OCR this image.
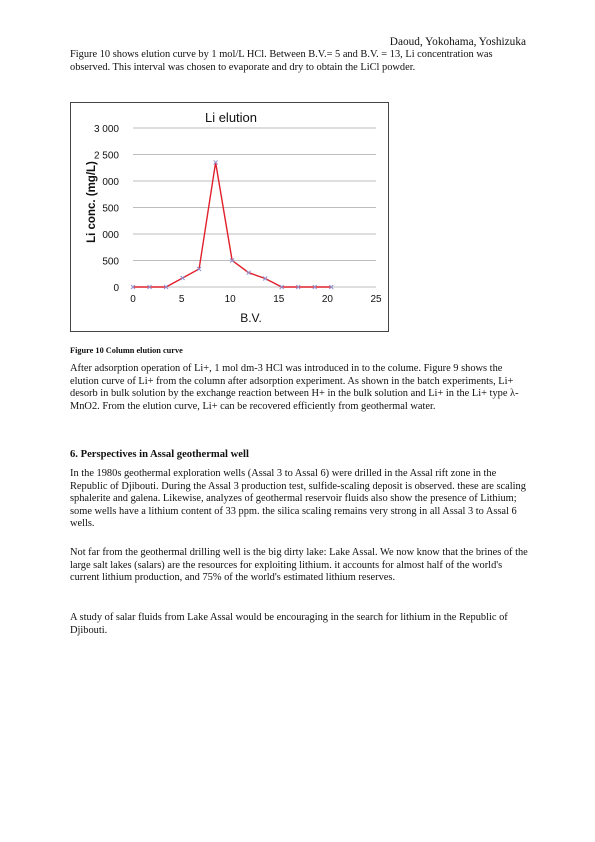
Daoud, Yokohama, Yoshizuka

Figure 10 shows elution curve by 1 mol/L HCl. Between B.V.= 5 and B.V. = 13, Li concentration was observed. This interval was chosen to evaporate and dry to obtain the LiCl powder.

0
500
000
500
000
2 500
3 000
0	5	10	15	20	25
Li elution
B.V.
Li conc. (mg/L)
Figure 10 Column elution curve

After adsorption operation of Li+, 1 mol dm-3 HCl was introduced in to the colume. Figure 9 shows the elution curve of Li+ from the column after adsorption experiment. As shown in the batch experiments, Li+ desorb in bulk solution by the exchange reaction between H+ in the bulk solution and Li+ in the Li+ type λ-MnO2. From the elution curve, Li+ can be recovered efficiently from geothermal water.

6. Perspectives in Assal geothermal well

In the 1980s geothermal exploration wells (Assal 3 to Assal 6) were drilled in the Assal rift zone in the Republic of Djibouti. During the Assal 3 production test, sulfide-scaling deposit is observed. these are scaling sphalerite and galena. Likewise, analyzes of geothermal reservoir fluids also show the presence of Lithium; some wells have a lithium content of 33 ppm. the silica scaling remains very strong in all Assal 3 to Assal 6 wells.

Not far from the geothermal drilling well is the big dirty lake: Lake Assal. We now know that the brines of the large salt lakes (salars) are the resources for exploiting lithium. it accounts for almost half of the world's current lithium production, and 75% of the world's estimated lithium reserves.

A study of salar fluids from Lake Assal would be encouraging in the search for lithium in the Republic of Djibouti.
